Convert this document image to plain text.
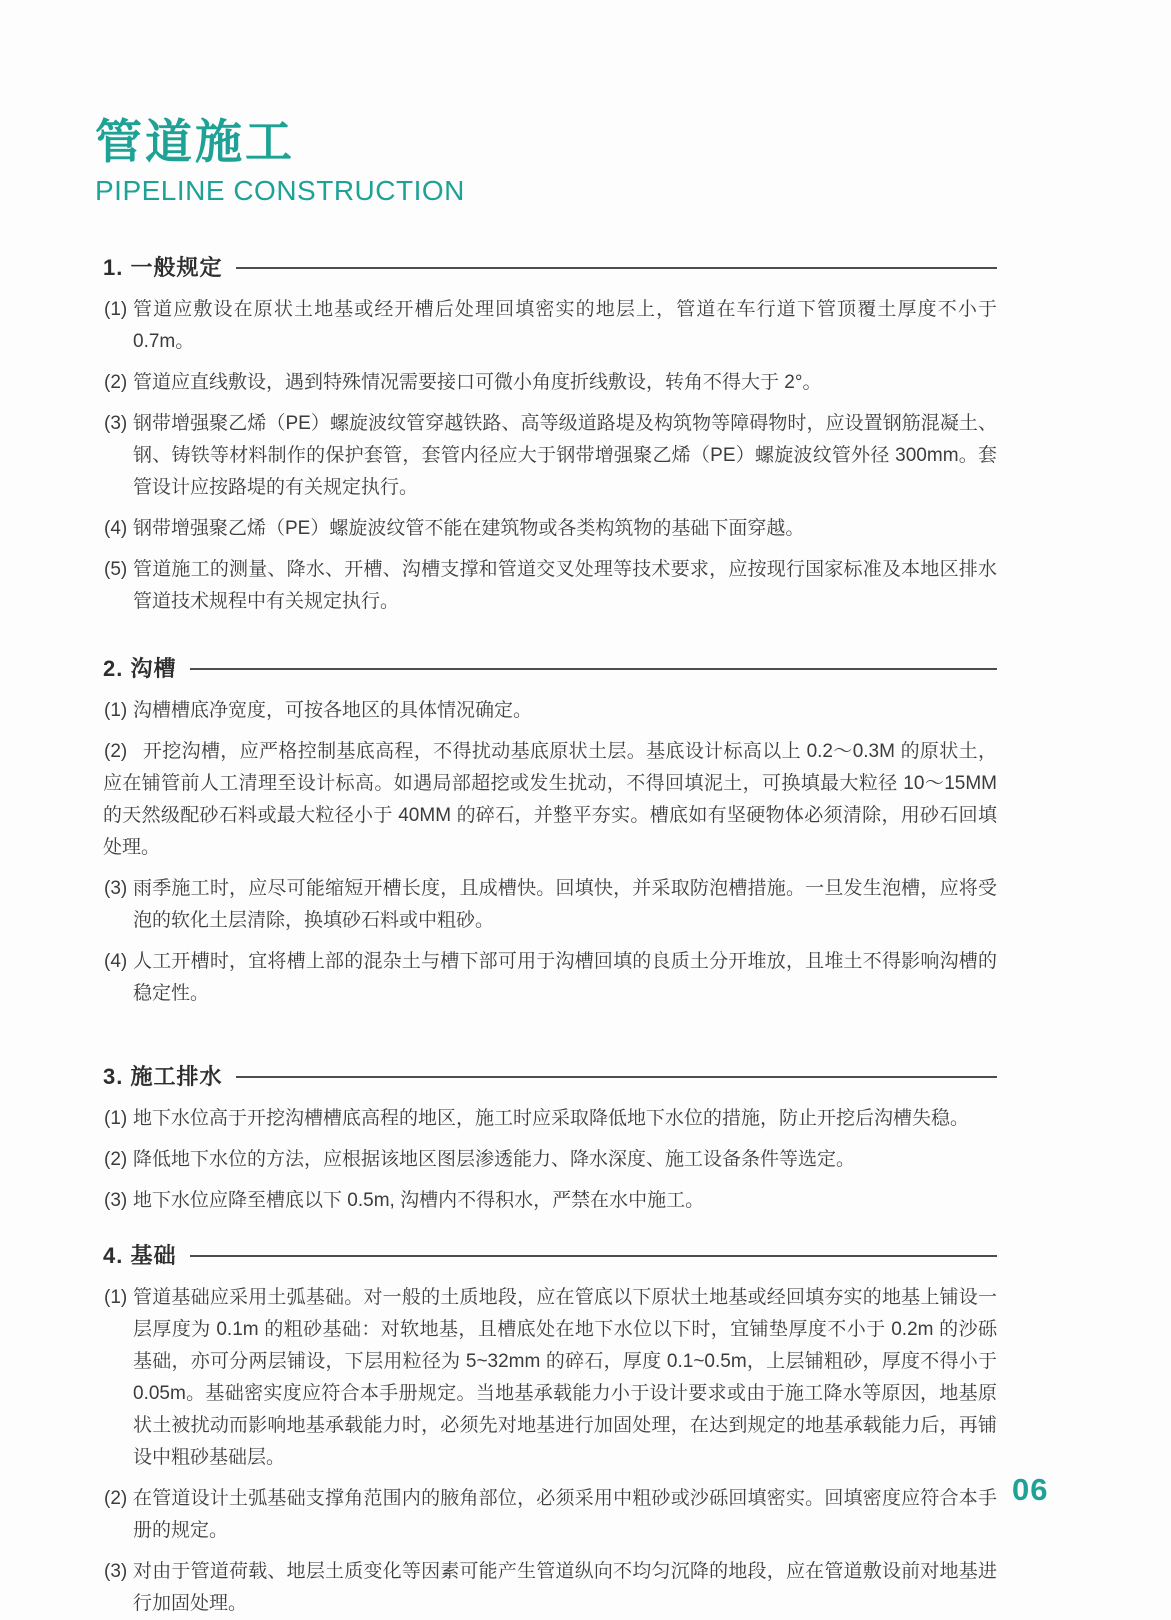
管道施工
PIPELINE CONSTRUCTION
1. 一般规定
(1) 管道应敷设在原状土地基或经开槽后处理回填密实的地层上，管道在车行道下管顶覆土厚度不小于 0.7m。
(2) 管道应直线敷设，遇到特殊情况需要接口可微小角度折线敷设，转角不得大于 2°。
(3) 钢带增强聚乙烯（PE）螺旋波纹管穿越铁路、高等级道路堤及构筑物等障碍物时，应设置钢筋混凝土、钢、铸铁等材料制作的保护套管，套管内径应大于钢带增强聚乙烯（PE）螺旋波纹管外径 300mm。套管设计应按路堤的有关规定执行。
(4) 钢带增强聚乙烯（PE）螺旋波纹管不能在建筑物或各类构筑物的基础下面穿越。
(5) 管道施工的测量、降水、开槽、沟槽支撑和管道交叉处理等技术要求，应按现行国家标准及本地区排水管道技术规程中有关规定执行。
2. 沟槽
(1) 沟槽槽底净宽度，可按各地区的具体情况确定。
(2) 开挖沟槽，应严格控制基底高程，不得扰动基底原状土层。基底设计标高以上 0.2～0.3M 的原状土，应在铺管前人工清理至设计标高。如遇局部超挖或发生扰动，不得回填泥土，可换填最大粒径 10～15MM 的天然级配砂石料或最大粒径小于 40MM 的碎石，并整平夯实。槽底如有坚硬物体必须清除，用砂石回填处理。
(3) 雨季施工时，应尽可能缩短开槽长度，且成槽快。回填快，并采取防泡槽措施。一旦发生泡槽，应将受泡的软化土层清除，换填砂石料或中粗砂。
(4) 人工开槽时，宜将槽上部的混杂土与槽下部可用于沟槽回填的良质土分开堆放，且堆土不得影响沟槽的稳定性。
3. 施工排水
(1) 地下水位高于开挖沟槽槽底高程的地区，施工时应采取降低地下水位的措施，防止开挖后沟槽失稳。
(2) 降低地下水位的方法，应根据该地区图层渗透能力、降水深度、施工设备条件等选定。
(3) 地下水位应降至槽底以下 0.5m, 沟槽内不得积水，严禁在水中施工。
4. 基础
(1) 管道基础应采用土弧基础。对一般的土质地段，应在管底以下原状土地基或经回填夯实的地基上铺设一层厚度为 0.1m 的粗砂基础：对软地基，且槽底处在地下水位以下时，宜铺垫厚度不小于 0.2m 的沙砾基础，亦可分两层铺设，下层用粒径为 5~32mm 的碎石，厚度 0.1~0.5m，上层铺粗砂，厚度不得小于 0.05m。基础密实度应符合本手册规定。当地基承载能力小于设计要求或由于施工降水等原因，地基原状土被扰动而影响地基承载能力时，必须先对地基进行加固处理，在达到规定的地基承载能力后，再铺设中粗砂基础层。
(2) 在管道设计土弧基础支撑角范围内的腋角部位，必须采用中粗砂或沙砾回填密实。回填密度应符合本手册的规定。
(3) 对由于管道荷载、地层土质变化等因素可能产生管道纵向不均匀沉降的地段，应在管道敷设前对地基进行加固处理。
06
